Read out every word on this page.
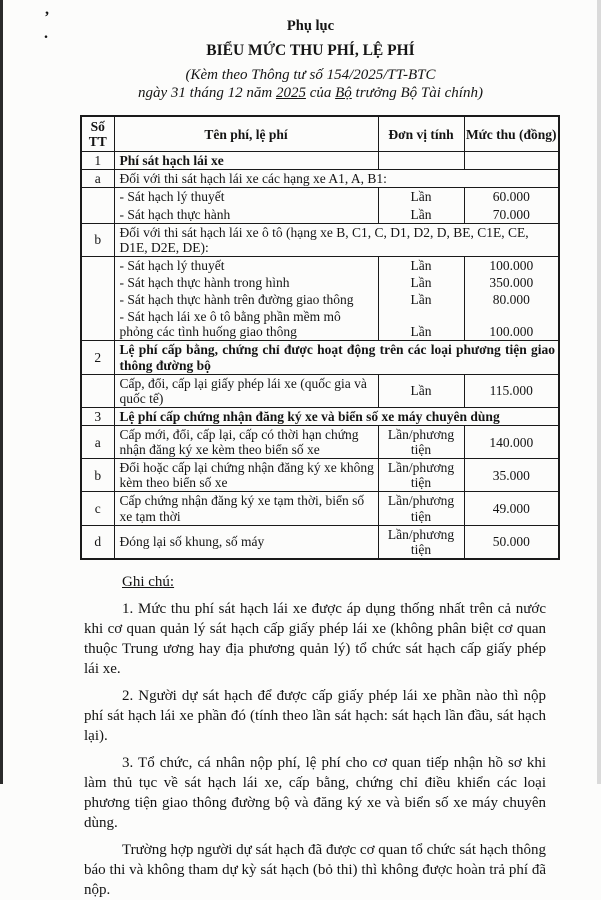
,
.	Phụ lục
BIỂU MỨC THU PHÍ, LỆ PHÍ
(Kèm theo Thông tư số 154/2025/TT-BTC
ngày 31 tháng 12 năm 2025 của Bộ trưởng Bộ Tài chính)
Số TT	Tên phí, lệ phí	Đơn vị tính	Mức thu (đồng)
1	Phí sát hạch lái xe		
a	Đối với thi sát hạch lái xe các hạng xe A1, A, B1:		
	- Sát hạch lý thuyết	Lần	60.000
	- Sát hạch thực hành	Lần	70.000
b	Đối với thi sát hạch lái xe ô tô (hạng xe B, C1, C, D1, D2, D, BE, C1E, CE, D1E, D2E, DE):		
	- Sát hạch lý thuyết	Lần	100.000
	- Sát hạch thực hành trong hình	Lần	350.000
	- Sát hạch thực hành trên đường giao thông	Lần	80.000
	- Sát hạch lái xe ô tô bằng phần mềm mô phỏng các tình huống giao thông	Lần	100.000
2	Lệ phí cấp bằng, chứng chỉ được hoạt động trên các loại phương tiện giao thông đường bộ		
	Cấp, đổi, cấp lại giấy phép lái xe (quốc gia và quốc tế)	Lần	115.000
3	Lệ phí cấp chứng nhận đăng ký xe và biển số xe máy chuyên dùng		
a	Cấp mới, đổi, cấp lại, cấp có thời hạn chứng nhận đăng ký xe kèm theo biển số xe	Lần/phương tiện	140.000
b	Đổi hoặc cấp lại chứng nhận đăng ký xe không kèm theo biển số xe	Lần/phương tiện	35.000
c	Cấp chứng nhận đăng ký xe tạm thời, biển số xe tạm thời	Lần/phương tiện	49.000
d	Đóng lại số khung, số máy	Lần/phương tiện	50.000
Ghi chú:
1. Mức thu phí sát hạch lái xe được áp dụng thống nhất trên cả nước khi cơ quan quản lý sát hạch cấp giấy phép lái xe (không phân biệt cơ quan thuộc Trung ương hay địa phương quản lý) tổ chức sát hạch cấp giấy phép lái xe.
2. Người dự sát hạch để được cấp giấy phép lái xe phần nào thì nộp phí sát hạch lái xe phần đó (tính theo lần sát hạch: sát hạch lần đầu, sát hạch lại).
3. Tổ chức, cá nhân nộp phí, lệ phí cho cơ quan tiếp nhận hồ sơ khi làm thủ tục về sát hạch lái xe, cấp bằng, chứng chỉ điều khiển các loại phương tiện giao thông đường bộ và đăng ký xe và biển số xe máy chuyên dùng.
Trường hợp người dự sát hạch đã được cơ quan tổ chức sát hạch thông báo thi và không tham dự kỳ sát hạch (bỏ thi) thì không được hoàn trả phí đã nộp.
